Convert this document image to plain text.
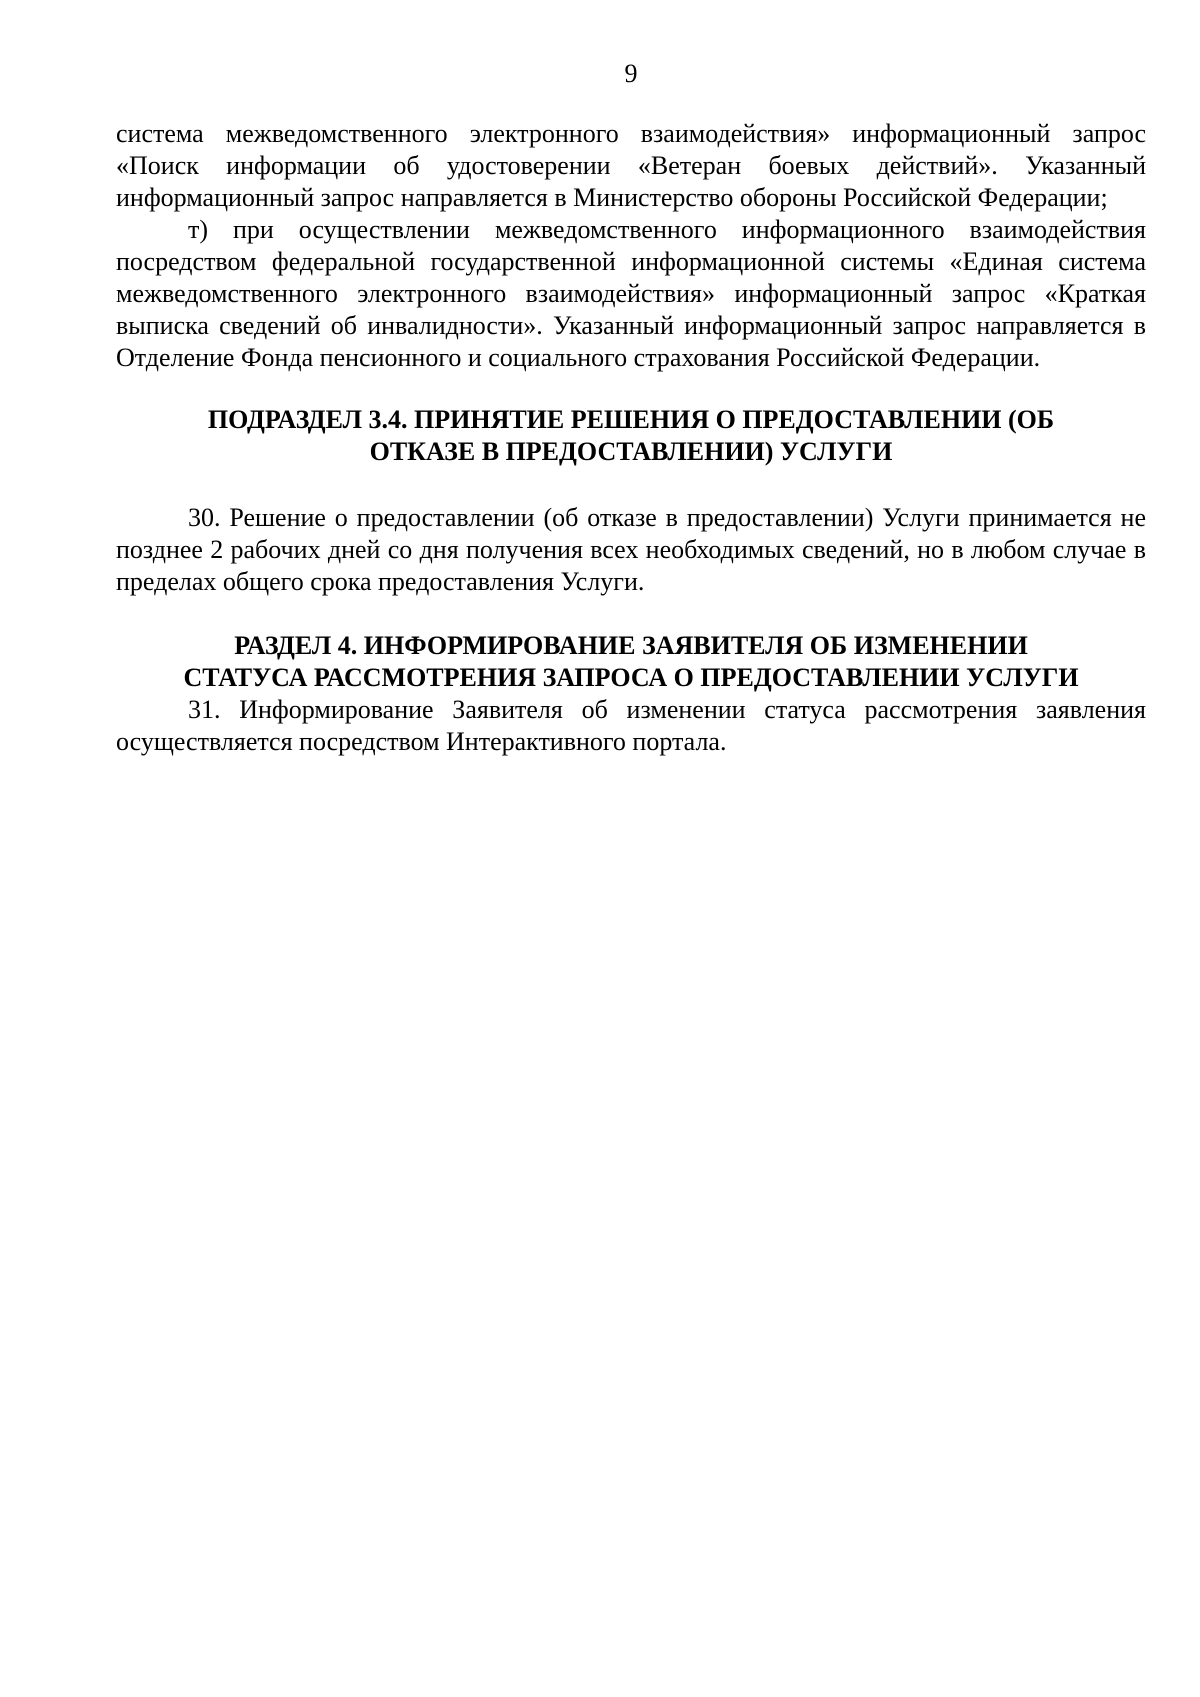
9

система межведомственного электронного взаимодействия» информационный запрос «Поиск информации об удостоверении «Ветеран боевых действий». Указанный информационный запрос направляется в Министерство обороны Российской Федерации;

т) при осуществлении межведомственного информационного взаимодействия посредством федеральной государственной информационной системы «Единая система межведомственного электронного взаимодействия» информационный запрос «Краткая выписка сведений об инвалидности». Указанный информационный запрос направляется в Отделение Фонда пенсионного и социального страхования Российской Федерации.

ПОДРАЗДЕЛ 3.4. ПРИНЯТИЕ РЕШЕНИЯ О ПРЕДОСТАВЛЕНИИ (ОБ

ОТКАЗЕ В ПРЕДОСТАВЛЕНИИ) УСЛУГИ

30. Решение о предоставлении (об отказе в предоставлении) Услуги принимается не позднее 2 рабочих дней со дня получения всех необходимых сведений, но в любом случае в пределах общего срока предоставления Услуги.

РАЗДЕЛ 4. ИНФОРМИРОВАНИЕ ЗАЯВИТЕЛЯ ОБ ИЗМЕНЕНИИ

СТАТУСА РАССМОТРЕНИЯ ЗАПРОСА О ПРЕДОСТАВЛЕНИИ УСЛУГИ

31. Информирование Заявителя об изменении статуса рассмотрения заявления осуществляется посредством Интерактивного портала.
